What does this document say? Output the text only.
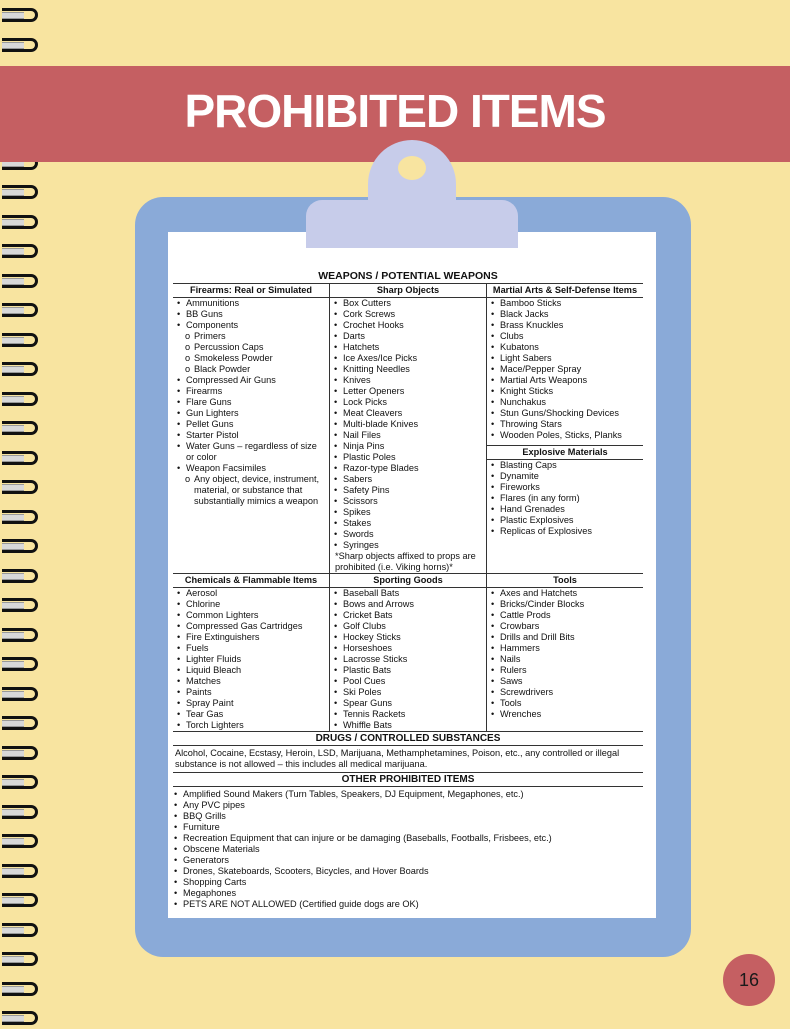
PROHIBITED ITEMS
WEAPONS / POTENTIAL WEAPONS
Firearms: Real or Simulated
• Ammunitions
• BB Guns
• Components
o Primers
o Percussion Caps
o Smokeless Powder
o Black Powder
• Compressed Air Guns
• Firearms
• Flare Guns
• Gun Lighters
• Pellet Guns
• Starter Pistol
• Water Guns – regardless of size or color
• Weapon Facsimiles
o Any object, device, instrument, material, or substance that substantially mimics a weapon
Sharp Objects
• Box Cutters
• Cork Screws
• Crochet Hooks
• Darts
• Hatchets
• Ice Axes/Ice Picks
• Knitting Needles
• Knives
• Letter Openers
• Lock Picks
• Meat Cleavers
• Multi-blade Knives
• Nail Files
• Ninja Pins
• Plastic Poles
• Razor-type Blades
• Sabers
• Safety Pins
• Scissors
• Spikes
• Stakes
• Swords
• Syringes
*Sharp objects affixed to props are prohibited (i.e. Viking horns)*
Martial Arts & Self-Defense Items
• Bamboo Sticks
• Black Jacks
• Brass Knuckles
• Clubs
• Kubatons
• Light Sabers
• Mace/Pepper Spray
• Martial Arts Weapons
• Knight Sticks
• Nunchakus
• Stun Guns/Shocking Devices
• Throwing Stars
• Wooden Poles, Sticks, Planks
Explosive Materials
• Blasting Caps
• Dynamite
• Fireworks
• Flares (in any form)
• Hand Grenades
• Plastic Explosives
• Replicas of Explosives
Chemicals & Flammable Items
• Aerosol
• Chlorine
• Common Lighters
• Compressed Gas Cartridges
• Fire Extinguishers
• Fuels
• Lighter Fluids
• Liquid Bleach
• Matches
• Paints
• Spray Paint
• Tear Gas
• Torch Lighters
Sporting Goods
• Baseball Bats
• Bows and Arrows
• Cricket Bats
• Golf Clubs
• Hockey Sticks
• Horseshoes
• Lacrosse Sticks
• Plastic Bats
• Pool Cues
• Ski Poles
• Spear Guns
• Tennis Rackets
• Whiffle Bats
Tools
• Axes and Hatchets
• Bricks/Cinder Blocks
• Cattle Prods
• Crowbars
• Drills and Drill Bits
• Hammers
• Nails
• Rulers
• Saws
• Screwdrivers
• Tools
• Wrenches
DRUGS / CONTROLLED SUBSTANCES
Alcohol, Cocaine, Ecstasy, Heroin, LSD, Marijuana, Methamphetamines, Poison, etc., any controlled or illegal substance is not allowed – this includes all medical marijuana.
OTHER PROHIBITED ITEMS
• Amplified Sound Makers (Turn Tables, Speakers, DJ Equipment, Megaphones, etc.)
• Any PVC pipes
• BBQ Grills
• Furniture
• Recreation Equipment that can injure or be damaging (Baseballs, Footballs, Frisbees, etc.)
• Obscene Materials
• Generators
• Drones, Skateboards, Scooters, Bicycles, and Hover Boards
• Shopping Carts
• Megaphones
• PETS ARE NOT ALLOWED (Certified guide dogs are OK)
16
